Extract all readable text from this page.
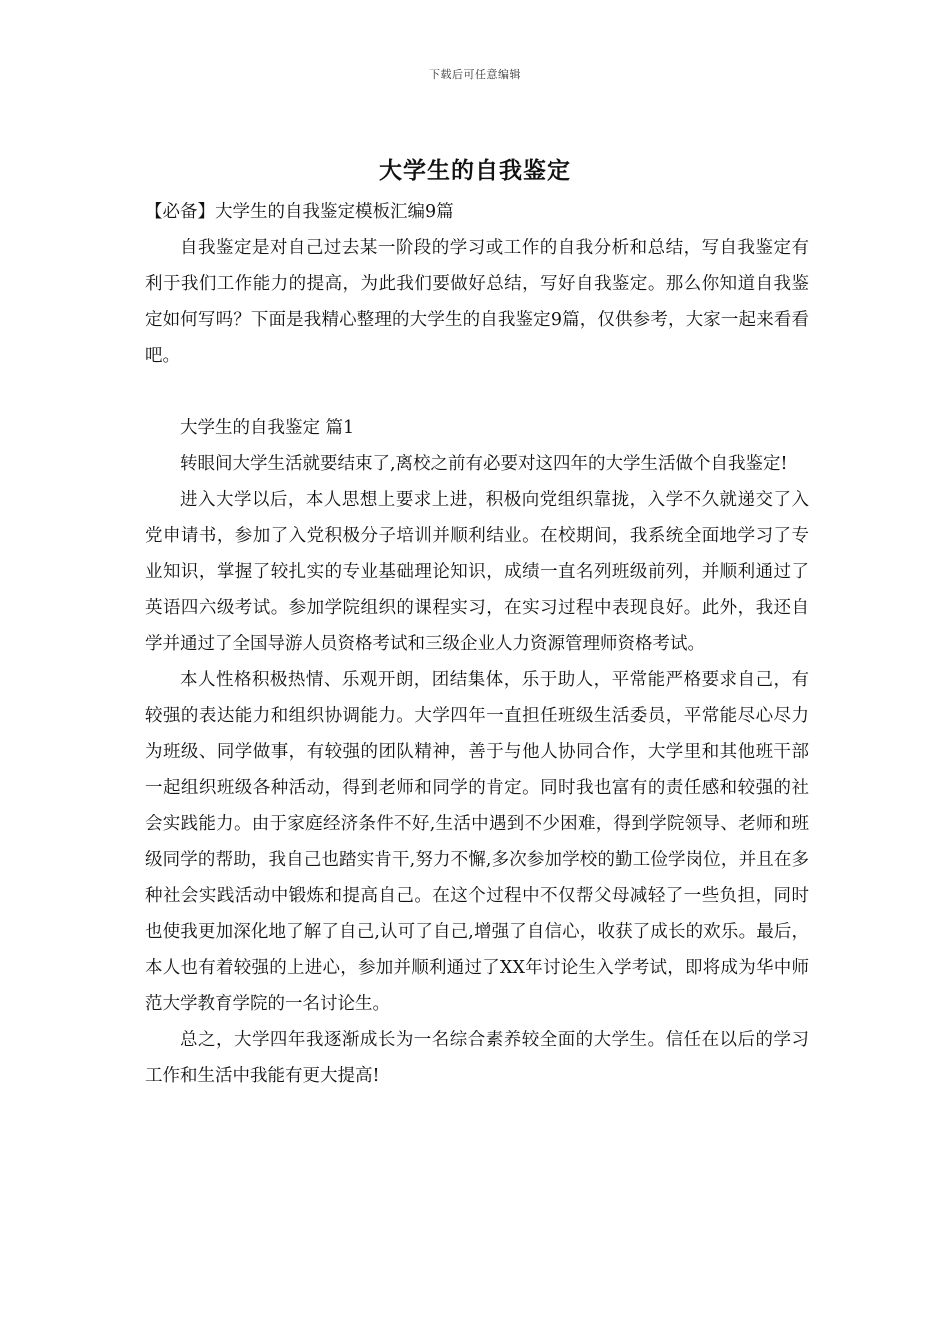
下载后可任意编辑
大学生的自我鉴定

【必备】大学生的自我鉴定模板汇编9篇

自我鉴定是对自己过去某一阶段的学习或工作的自我分析和总结，写自我鉴定有利于我们工作能力的提高，为此我们要做好总结，写好自我鉴定。那么你知道自我鉴定如何写吗？下面是我精心整理的大学生的自我鉴定9篇，仅供参考，大家一起来看看吧。

大学生的自我鉴定 篇1

转眼间大学生活就要结束了,离校之前有必要对这四年的大学生活做个自我鉴定!

进入大学以后，本人思想上要求上进，积极向党组织靠拢，入学不久就递交了入党申请书，参加了入党积极分子培训并顺利结业。在校期间，我系统全面地学习了专业知识，掌握了较扎实的专业基础理论知识，成绩一直名列班级前列，并顺利通过了英语四六级考试。参加学院组织的课程实习，在实习过程中表现良好。此外，我还自学并通过了全国导游人员资格考试和三级企业人力资源管理师资格考试。

本人性格积极热情、乐观开朗，团结集体，乐于助人，平常能严格要求自己，有较强的表达能力和组织协调能力。大学四年一直担任班级生活委员，平常能尽心尽力为班级、同学做事，有较强的团队精神，善于与他人协同合作，大学里和其他班干部一起组织班级各种活动，得到老师和同学的肯定。同时我也富有的责任感和较强的社会实践能力。由于家庭经济条件不好,生活中遇到不少困难，得到学院领导、老师和班级同学的帮助，我自己也踏实肯干,努力不懈,多次参加学校的勤工俭学岗位，并且在多种社会实践活动中锻炼和提高自己。在这个过程中不仅帮父母减轻了一些负担，同时也使我更加深化地了解了自己,认可了自己,增强了自信心，收获了成长的欢乐。最后，本人也有着较强的上进心，参加并顺利通过了XX年讨论生入学考试，即将成为华中师范大学教育学院的一名讨论生。

总之，大学四年我逐渐成长为一名综合素养较全面的大学生。信任在以后的学习工作和生活中我能有更大提高!
